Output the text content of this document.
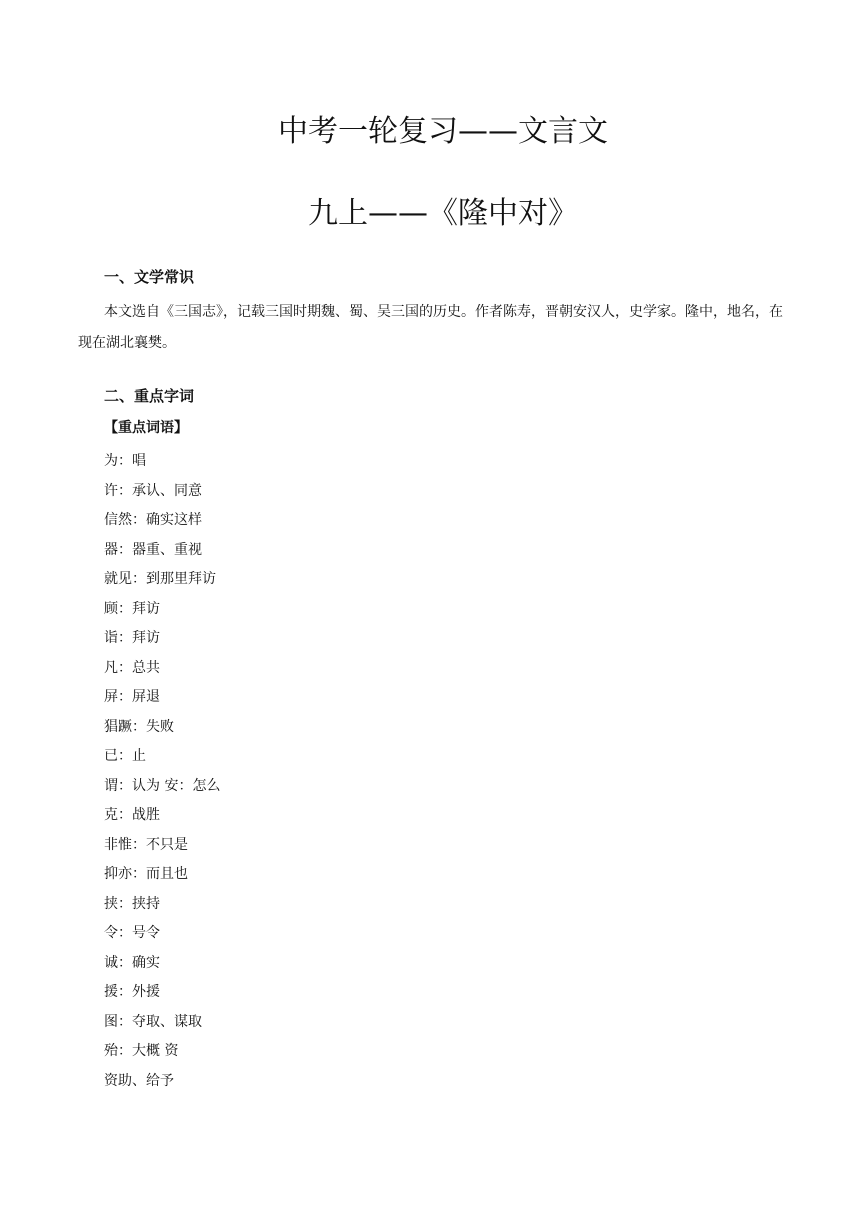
中考一轮复习——文言文
九上——《隆中对》
一、文学常识

本文选自《三国志》，记载三国时期魏、蜀、吴三国的历史。作者陈寿，晋朝安汉人，史学家。隆中，地名，在现在湖北襄樊。

二、重点字词
【重点词语】
为：唱
许：承认、同意
信然：确实这样
器：器重、重视
就见：到那里拜访
顾：拜访
诣：拜访
凡：总共
屏：屏退
猖蹶：失败
已：止
谓：认为 安：怎么
克：战胜
非惟：不只是
抑亦：而且也
挟：挟持
令：号令
诚：确实
援：外援
图：夺取、谋取
殆：大概 资
资助、给予
